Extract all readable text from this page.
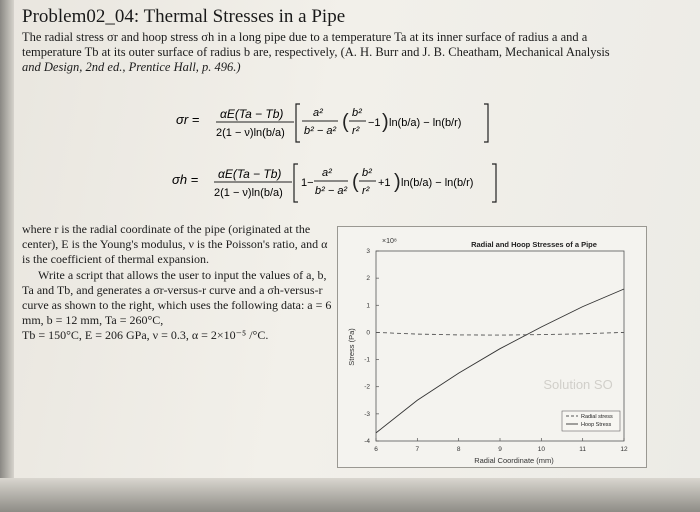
Problem02_04: Thermal Stresses in a Pipe
The radial stress σr and hoop stress σh in a long pipe due to a temperature Ta at its inner surface of radius a and a
temperature Tb at its outer surface of radius b are, respectively, (A. H. Burr and J. B. Cheatham, Mechanical Analysis
and Design, 2nd ed., Prentice Hall, p. 496.)
σr = αE(Ta − Tb)
2(1 − ν)ln(b/a)
a²
b² − a² ( b²
r²
−1 ) ln(b/a) − ln(b/r)
σh = αE(Ta − Tb)
2(1 − ν)ln(b/a)
1−
a²
b² − a² ( b²
r²
+1 ) ln(b/a) − ln(b/r)

where r is the radial coordinate of the pipe (originated at the center), E is the Young's modulus, ν is the Poisson's ratio, and α is the coefficient of thermal expansion.

Write a script that allows the user to input the values of a, b, Ta and Tb, and generates a σr-versus-r curve and a σh-versus-r curve as shown to the right, which uses the following data: a = 6 mm, b = 12 mm, Ta = 260°C,

Tb = 150°C, E = 206 GPa, ν = 0.3, α = 2×10⁻⁵ /°C.

Radial and Hoop Stresses of a Pipe
×10⁸
Stress (Pa)
Radial Coordinate (mm)
Solution SO
6	7	8	9	10	11	12
3
2
1
0
-1
-2
-3
-4
Radial stress
Hoop Stress
